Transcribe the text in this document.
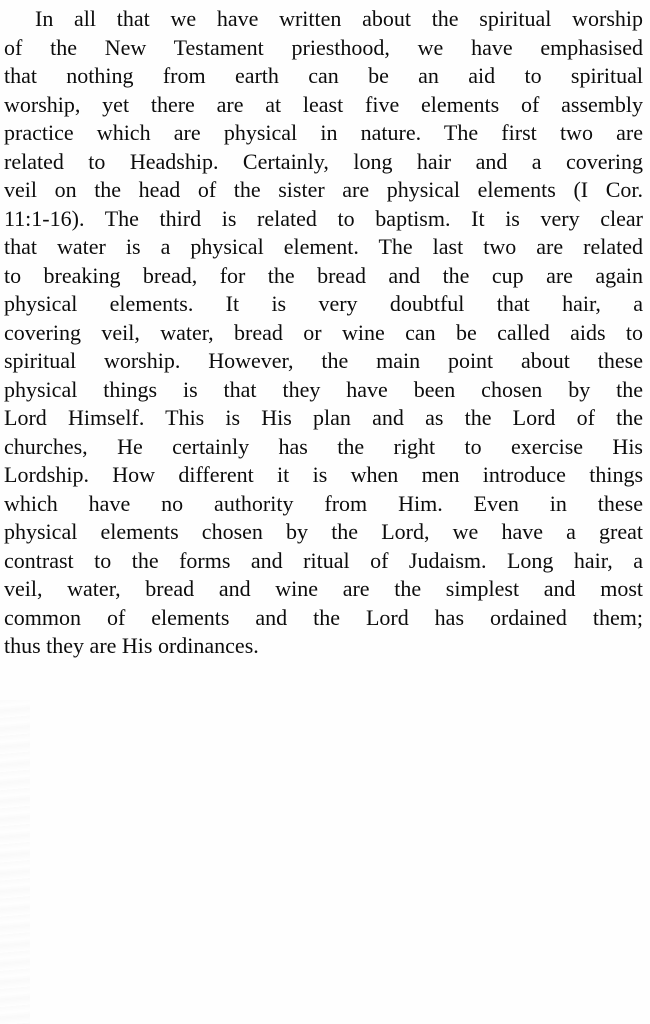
In all that we have written about the spiritual worship
of the New Testament priesthood, we have emphasised
that nothing from earth can be an aid to spiritual
worship, yet there are at least five elements of assembly
practice which are physical in nature. The first two are
related to Headship. Certainly, long hair and a covering
veil on the head of the sister are physical elements (I Cor.
11:1-16). The third is related to baptism. It is very clear
that water is a physical element. The last two are related
to breaking bread, for the bread and the cup are again
physical elements. It is very doubtful that hair, a
covering veil, water, bread or wine can be called aids to
spiritual worship. However, the main point about these
physical things is that they have been chosen by the
Lord Himself. This is His plan and as the Lord of the
churches, He certainly has the right to exercise His
Lordship. How different it is when men introduce things
which have no authority from Him. Even in these
physical elements chosen by the Lord, we have a great
contrast to the forms and ritual of Judaism. Long hair, a
veil, water, bread and wine are the simplest and most
common of elements and the Lord has ordained them;
thus they are His ordinances.
